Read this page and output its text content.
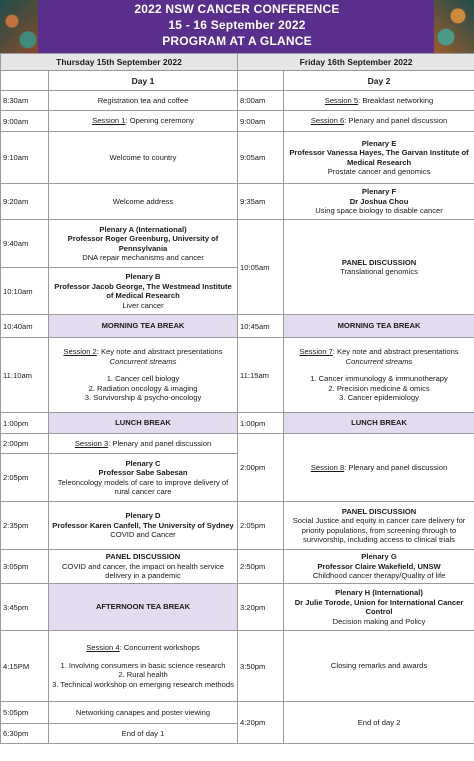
2022 NSW CANCER CONFERENCE
15 - 16 September 2022
PROGRAM AT A GLANCE
Thursday 15th September 2022		Friday 16th September 2022	
	Day 1		Day 2
8:30am	Registration tea and coffee	8:00am	Session 5: Breakfast networking
9:00am	Session 1: Opening ceremony	9:00am	Session 6: Plenary and panel discussion
9:10am	Welcome to country	9:05am	Plenary E
Professor Vanessa Hayes, The Garvan Institute of Medical Research
Prostate cancer and genomics

9:20am	Welcome address	9:35am	Plenary F
Dr Joshua Chou
Using space biology to disable cancer

9:40am	Plenary A (International)
Professor Roger Greenburg, University of Pennsylvania
DNA repair mechanisms and cancer	10:05am	PANEL DISCUSSION
Translational genomics

10:10am	Plenary B
Professor Jacob George, The Westmead Institute of Medical Research
Liver cancer		

10:40am	MORNING TEA BREAK	10:45am	MORNING TEA BREAK
11:10am	Session 2: Key note and abstract presentations
Concurrent streams
1. Cancer cell biology
2. Radiation oncology & imaging
3. Survivorship & psycho-oncology	11:15am	Session 7: Key note and abstract presentations
Concurrent streams
1. Cancer immunology & immunotherapy
2. Precision medicine & omics
3. Cancer epidemiology

1:00pm	LUNCH BREAK	1:00pm	LUNCH BREAK
2:00pm	Session 3: Plenary and panel discussion	2:00pm	Session 8: Plenary and panel discussion
2:05pm	Plenary C
Professor Sabe Sabesan
Teleoncology models of care to improve delivery of rural cancer care		

2:35pm	Plenary D
Professor Karen Canfell, The University of Sydney
COVID and Cancer	2:05pm	PANEL DISCUSSION
Social Justice and equity in cancer care delivery for priority populations, from screening through to survivorship, including access to clinical trials

3:05pm	PANEL DISCUSSION
COVID and cancer, the impact on health service delivery in a pandemic	2:50pm	Plenary G
Professor Claire Wakefield, UNSW
Childhood cancer therapy/Quality of life

3:45pm	AFTERNOON TEA BREAK	3:20pm	Plenary H (International)
Dr Julie Torode, Union for International Cancer Control
Decision making and Policy

4:15PM	Session 4: Concurrent workshops
1. Involving consumers in basic science research
2. Rural health
3. Technical workshop on emerging research methods	3:50pm	Closing remarks and awards
5:05pm	Networking canapes and poster viewing	4:20pm	End of day 2
6:30pm	End of day 1		
